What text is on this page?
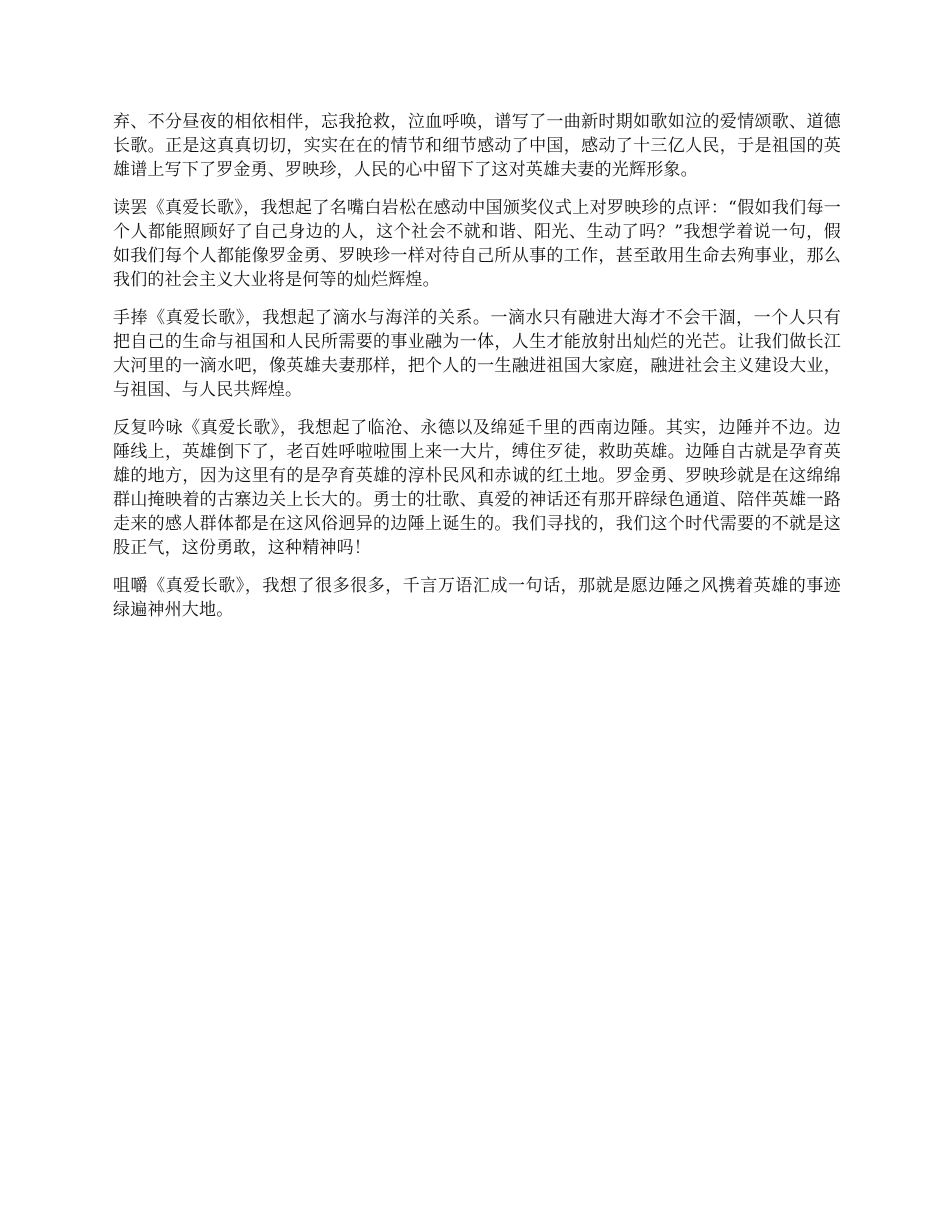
弃、不分昼夜的相依相伴，忘我抢救，泣血呼唤，谱写了一曲新时期如歌如泣的爱情颂歌、道德长歌。正是这真真切切，实实在在的情节和细节感动了中国，感动了十三亿人民，于是祖国的英雄谱上写下了罗金勇、罗映珍，人民的心中留下了这对英雄夫妻的光辉形象。

读罢《真爱长歌》，我想起了名嘴白岩松在感动中国颁奖仪式上对罗映珍的点评：“假如我们每一个人都能照顾好了自己身边的人，这个社会不就和谐、阳光、生动了吗？”我想学着说一句，假如我们每个人都能像罗金勇、罗映珍一样对待自己所从事的工作，甚至敢用生命去殉事业，那么我们的社会主义大业将是何等的灿烂辉煌。

手捧《真爱长歌》，我想起了滴水与海洋的关系。一滴水只有融进大海才不会干涸，一个人只有把自己的生命与祖国和人民所需要的事业融为一体，人生才能放射出灿烂的光芒。让我们做长江大河里的一滴水吧，像英雄夫妻那样，把个人的一生融进祖国大家庭，融进社会主义建设大业，与祖国、与人民共辉煌。

反复吟咏《真爱长歌》，我想起了临沧、永德以及绵延千里的西南边陲。其实，边陲并不边。边陲线上，英雄倒下了，老百姓呼啦啦围上来一大片，缚住歹徒，救助英雄。边陲自古就是孕育英雄的地方，因为这里有的是孕育英雄的淳朴民风和赤诚的红土地。罗金勇、罗映珍就是在这绵绵群山掩映着的古寨边关上长大的。勇士的壮歌、真爱的神话还有那开辟绿色通道、陪伴英雄一路走来的感人群体都是在这风俗迥异的边陲上诞生的。我们寻找的，我们这个时代需要的不就是这股正气，这份勇敢，这种精神吗！

咀嚼《真爱长歌》，我想了很多很多，千言万语汇成一句话，那就是愿边陲之风携着英雄的事迹绿遍神州大地。
